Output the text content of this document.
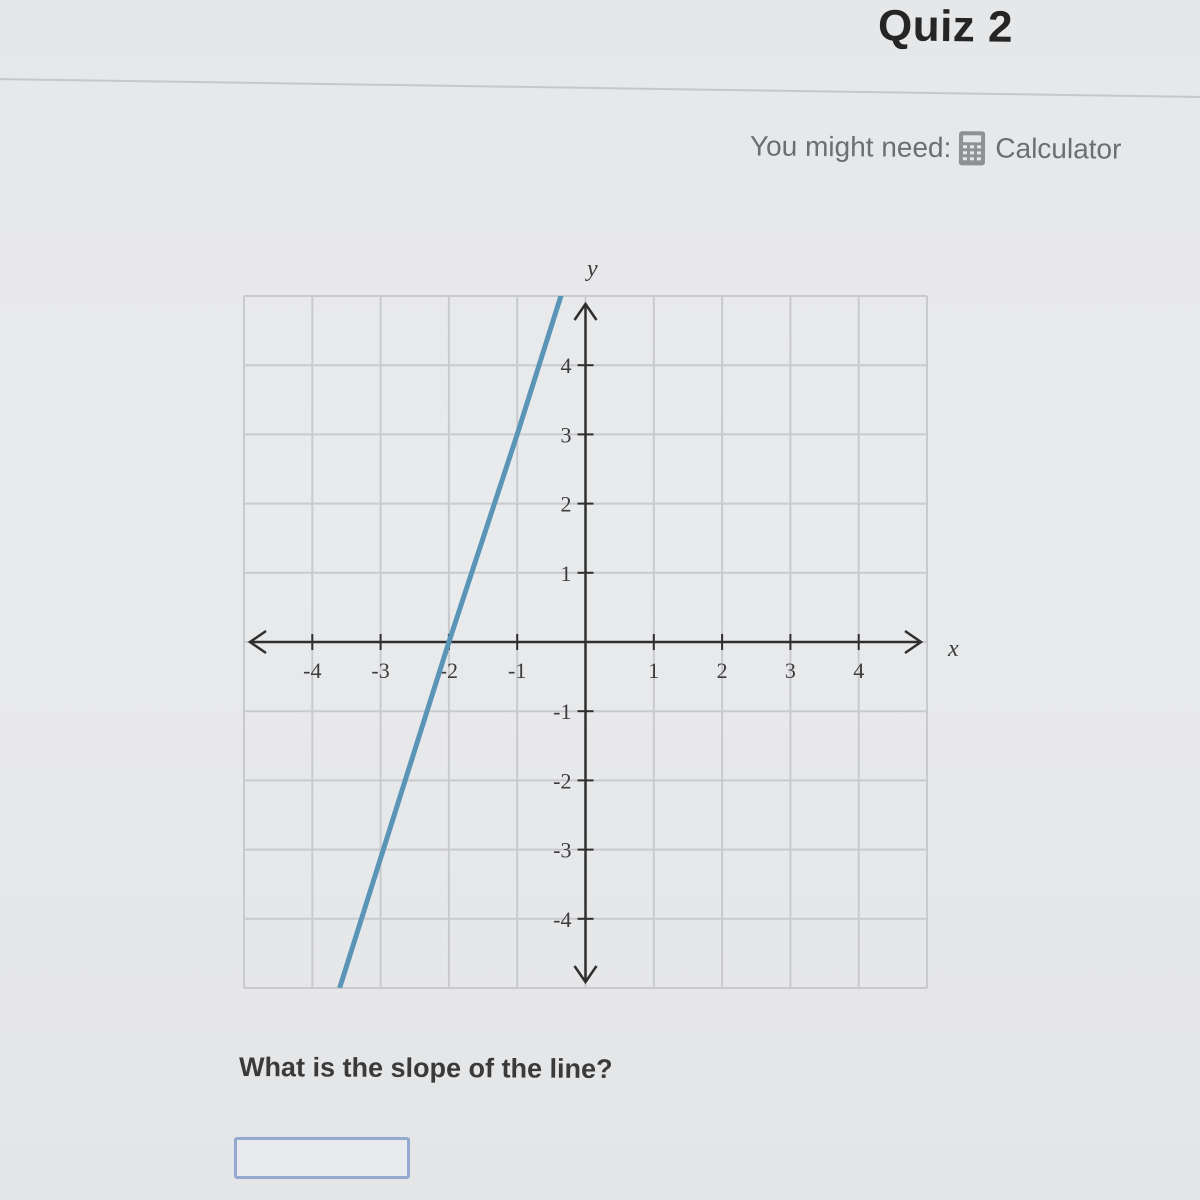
Quiz 2
You might need: Calculator
-4 -3 -2 -1	1	2	3	4
4
3
2
1
-1
-2
-3
-4
x
y
What is the slope of the line?
